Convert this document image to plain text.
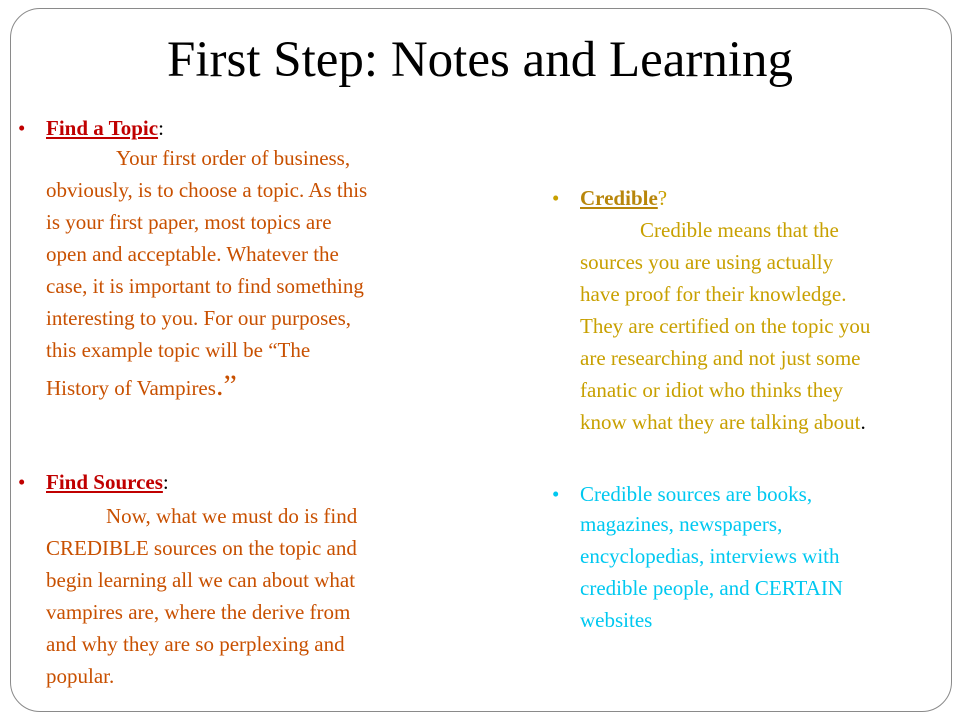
First Step: Notes and Learning
• Find a Topic:
Your first order of business,
obviously, is to choose a topic. As this
is your first paper, most topics are
open and acceptable. Whatever the
case, it is important to find something
interesting to you. For our purposes,
this example topic will be “The
History of Vampires.”
• Find Sources:
Now, what we must do is find
CREDIBLE sources on the topic and
begin learning all we can about what
vampires are, where the derive from
and why they are so perplexing and
popular.
• Credible?
Credible means that the
sources you are using actually
have proof for their knowledge.
They are certified on the topic you
are researching and not just some
fanatic or idiot who thinks they
know what they are talking about.
• Credible sources are books,
magazines, newspapers,
encyclopedias, interviews with
credible people, and CERTAIN
websites
